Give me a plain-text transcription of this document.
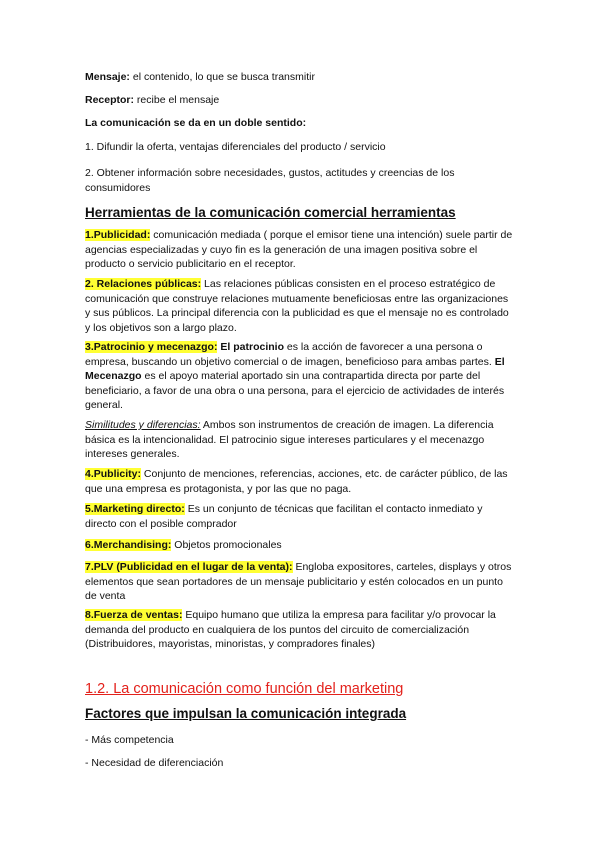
Mensaje: el contenido, lo que se busca transmitir

Receptor: recibe el mensaje

La comunicación se da en un doble sentido:

1. Difundir la oferta, ventajas diferenciales del producto / servicio

2. Obtener información sobre necesidades, gustos, actitudes y creencias de los consumidores

Herramientas de la comunicación comercial herramientas

1.Publicidad: comunicación mediada ( porque el emisor tiene una intención) suele partir de agencias especializadas y cuyo fin es la generación de una imagen positiva sobre el producto o servicio publicitario en el receptor.

2. Relaciones públicas: Las relaciones públicas consisten en el proceso estratégico de comunicación que construye relaciones mutuamente beneficiosas entre las organizaciones y sus públicos. La principal diferencia con la publicidad es que el mensaje no es controlado y los objetivos son a largo plazo.

3.Patrocinio y mecenazgo: El patrocinio es la acción de favorecer a una persona o empresa, buscando un objetivo comercial o de imagen, beneficioso para ambas partes. El Mecenazgo es el apoyo material aportado sin una contrapartida directa por parte del beneficiario, a favor de una obra o una persona, para el ejercicio de actividades de interés general.

Similitudes y diferencias: Ambos son instrumentos de creación de imagen. La diferencia básica es la intencionalidad. El patrocinio sigue intereses particulares y el mecenazgo intereses generales.

4.Publicity: Conjunto de menciones, referencias, acciones, etc. de carácter público, de las que una empresa es protagonista, y por las que no paga.

5.Marketing directo: Es un conjunto de técnicas que facilitan el contacto inmediato y directo con el posible comprador

6.Merchandising: Objetos promocionales

7.PLV (Publicidad en el lugar de la venta): Engloba expositores, carteles, displays y otros elementos que sean portadores de un mensaje publicitario y estén colocados en un punto de venta

8.Fuerza de ventas: Equipo humano que utiliza la empresa para facilitar y/o provocar la demanda del producto en cualquiera de los puntos del circuito de comercialización (Distribuidores, mayoristas, minoristas, y compradores finales)

1.2. La comunicación como función del marketing

Factores que impulsan la comunicación integrada

- Más competencia

- Necesidad de diferenciación
